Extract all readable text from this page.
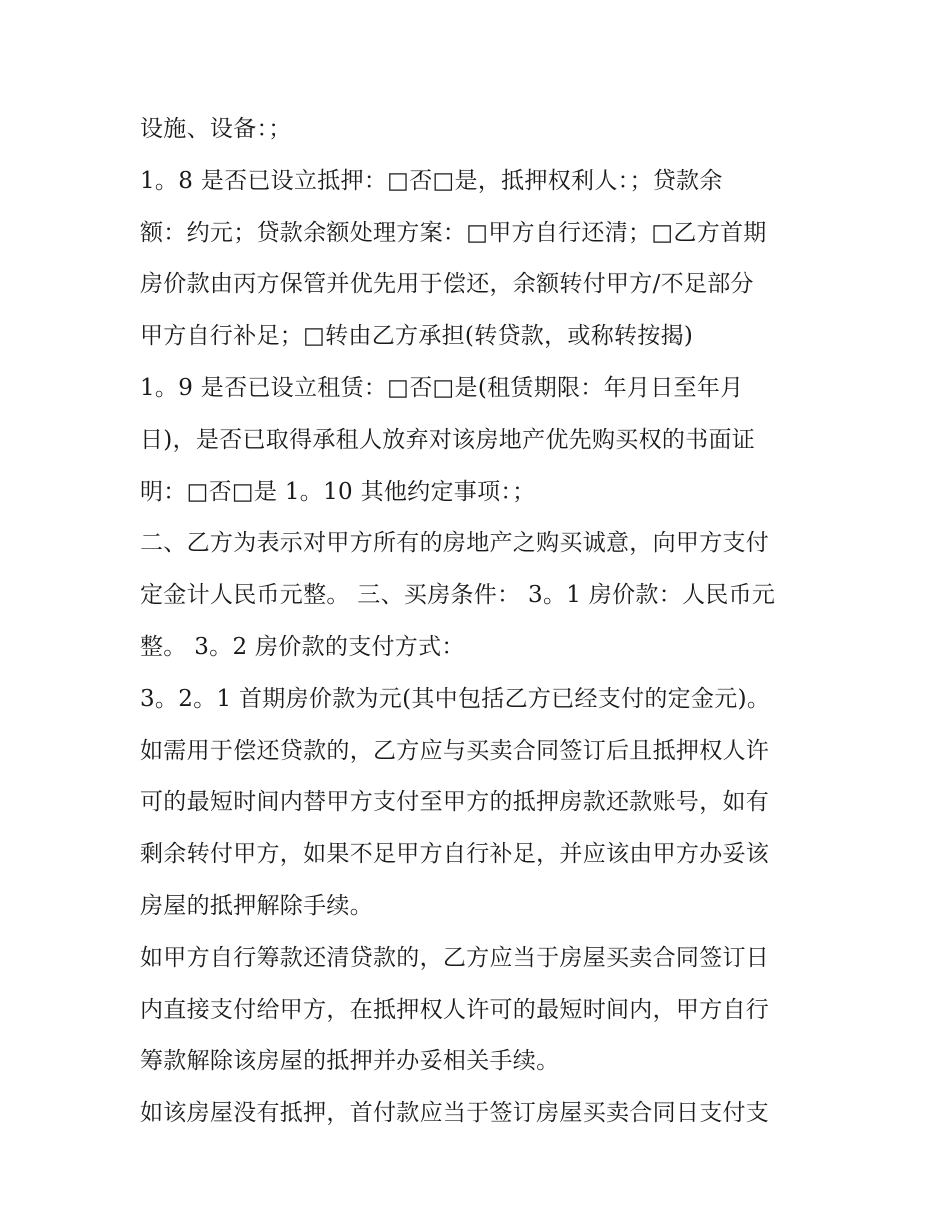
设施、设备：；
1。8 是否已设立抵押：□否□是，抵押权利人：；贷款余
额：约元；贷款余额处理方案：□甲方自行还清；□乙方首期
房价款由丙方保管并优先用于偿还，余额转付甲方/不足部分
甲方自行补足；□转由乙方承担(转贷款，或称转按揭)
1。9 是否已设立租赁：□否□是(租赁期限：年月日至年月
日)，是否已取得承租人放弃对该房地产优先购买权的书面证
明：□否□是 1。10 其他约定事项：；
二、乙方为表示对甲方所有的房地产之购买诚意，向甲方支付
定金计人民币元整。 三、买房条件： 3。1 房价款：人民币元
整。 3。2 房价款的支付方式：
3。2。1 首期房价款为元(其中包括乙方已经支付的定金元)。
如需用于偿还贷款的，乙方应与买卖合同签订后且抵押权人许
可的最短时间内替甲方支付至甲方的抵押房款还款账号，如有
剩余转付甲方，如果不足甲方自行补足，并应该由甲方办妥该
房屋的抵押解除手续。
如甲方自行筹款还清贷款的，乙方应当于房屋买卖合同签订日
内直接支付给甲方，在抵押权人许可的最短时间内，甲方自行
筹款解除该房屋的抵押并办妥相关手续。
如该房屋没有抵押，首付款应当于签订房屋买卖合同日支付支
